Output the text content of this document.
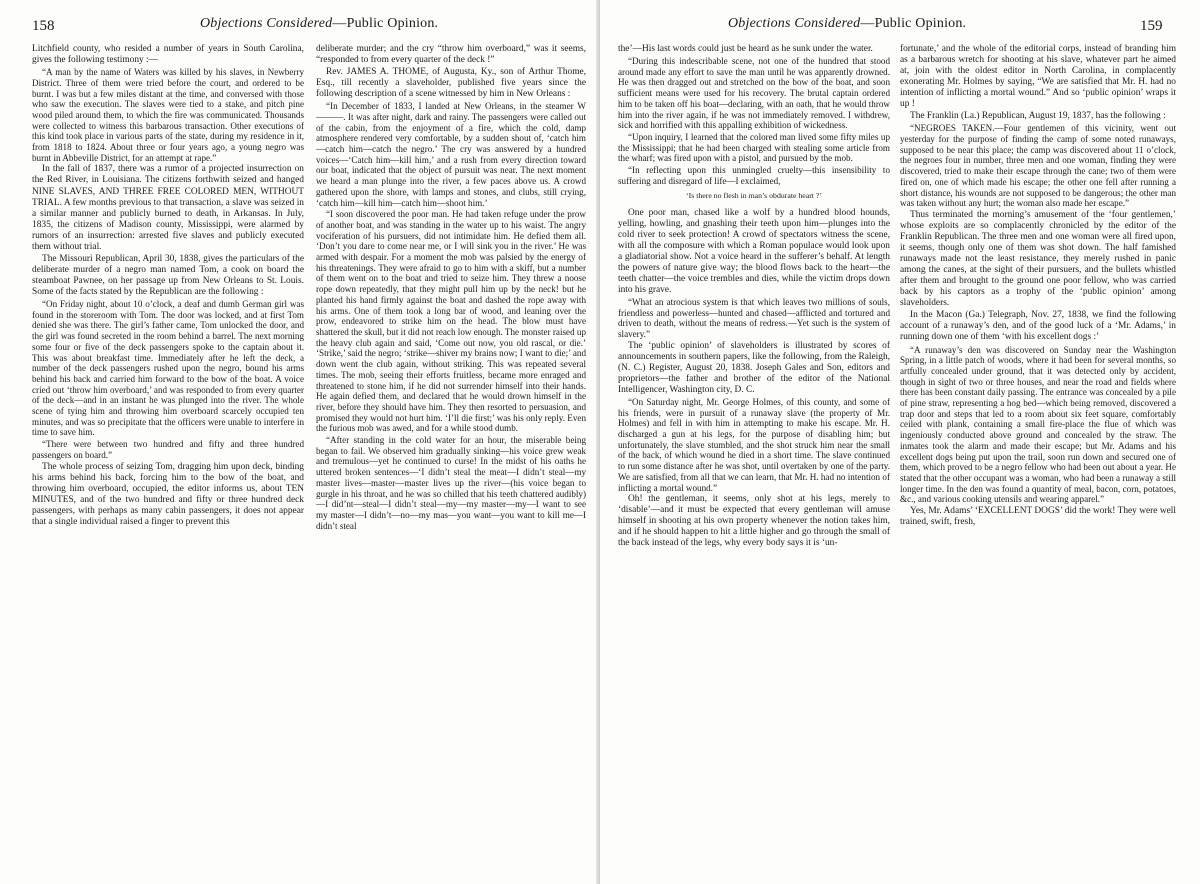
158	Objections Considered—Public Opinion.

Litchfield county, who resided a number of years in South Carolina, gives the following testimony :—

“A man by the name of Waters was killed by his slaves, in Newberry District. Three of them were tried before the court, and ordered to be burnt. I was but a few miles distant at the time, and conversed with those who saw the execution. The slaves were tied to a stake, and pitch pine wood piled around them, to which the fire was communicated. Thousands were collected to witness this barbarous transaction. Other executions of this kind took place in various parts of the state, during my residence in it, from 1818 to 1824. About three or four years ago, a young negro was burnt in Abbeville District, for an attempt at rape.”

In the fall of 1837, there was a rumor of a projected insurrection on the Red River, in Louisiana. The citizens forthwith seized and hanged NINE SLAVES, AND THREE FREE COLORED MEN, WITHOUT TRIAL. A few months previous to that transaction, a slave was seized in a similar manner and publicly burned to death, in Arkansas. In July, 1835, the citizens of Madison county, Mississippi, were alarmed by rumors of an insurrection: arrested five slaves and publicly executed them without trial.

The Missouri Republican, April 30, 1838, gives the particulars of the deliberate murder of a negro man named Tom, a cook on board the steamboat Pawnee, on her passage up from New Orleans to St. Louis. Some of the facts stated by the Republican are the following :

“On Friday night, about 10 o’clock, a deaf and dumb German girl was found in the storeroom with Tom. The door was locked, and at first Tom denied she was there. The girl’s father came, Tom unlocked the door, and the girl was found secreted in the room behind a barrel. The next morning some four or five of the deck passengers spoke to the captain about it. This was about breakfast time. Immediately after he left the deck, a number of the deck passengers rushed upon the negro, bound his arms behind his back and carried him forward to the bow of the boat. A voice cried out ‘throw him overboard,’ and was responded to from every quarter of the deck—and in an instant he was plunged into the river. The whole scene of tying him and throwing him overboard scarcely occupied ten minutes, and was so precipitate that the officers were unable to interfere in time to save him.

“There were between two hundred and fifty and three hundred passengers on board.”

The whole process of seizing Tom, dragging him upon deck, binding his arms behind his back, forcing him to the bow of the boat, and throwing him overboard, occupied, the editor informs us, about TEN MINUTES, and of the two hundred and fifty or three hundred deck passengers, with perhaps as many cabin passengers, it does not appear that a single individual raised a finger to prevent this

deliberate murder; and the cry “throw him overboard,” was it seems, “responded to from every quarter of the deck !”

Rev. JAMES A. THOME, of Augusta, Ky., son of Arthur Thome, Esq., till recently a slaveholder, published five years since the following description of a scene witnessed by him in New Orleans :

“In December of 1833, I landed at New Orleans, in the steamer W———. It was after night, dark and rainy. The passengers were called out of the cabin, from the enjoyment of a fire, which the cold, damp atmosphere rendered very comfortable, by a sudden shout of, ‘catch him—catch him—catch the negro.’ The cry was answered by a hundred voices—‘Catch him—kill him,’ and a rush from every direction toward our boat, indicated that the object of pursuit was near. The next moment we heard a man plunge into the river, a few paces above us. A crowd gathered upon the shore, with lamps and stones, and clubs, still crying, ‘catch him—kill him—catch him—shoot him.’

“I soon discovered the poor man. He had taken refuge under the prow of another boat, and was standing in the water up to his waist. The angry vociferation of his pursuers, did not intimidate him. He defied them all. ‘Don’t you dare to come near me, or I will sink you in the river.’ He was armed with despair. For a moment the mob was palsied by the energy of his threatenings. They were afraid to go to him with a skiff, but a number of them went on to the boat and tried to seize him. They threw a noose rope down repeatedly, that they might pull him up by the neck! but he planted his hand firmly against the boat and dashed the rope away with his arms. One of them took a long bar of wood, and leaning over the prow, endeavored to strike him on the head. The blow must have shattered the skull, but it did not reach low enough. The monster raised up the heavy club again and said, ‘Come out now, you old rascal, or die.’ ‘Strike,’ said the negro; ‘strike—shiver my brains now; I want to die;’ and down went the club again, without striking. This was repeated several times. The mob, seeing their efforts fruitless, became more enraged and threatened to stone him, if he did not surrender himself into their hands. He again defied them, and declared that he would drown himself in the river, before they should have him. They then resorted to persuasion, and promised they would not hurt him. ‘I’ll die first;’ was his only reply. Even the furious mob was awed, and for a while stood dumb.

“After standing in the cold water for an hour, the miserable being began to fail. We observed him gradually sinking—his voice grew weak and tremulous—yet he continued to curse! In the midst of his oaths he uttered broken sentences—‘I didn’t steal the meat—I didn’t steal—my master lives—master—master lives up the river—(his voice began to gurgle in his throat, and he was so chilled that his teeth chattered audibly)—I did’nt—steal—I didn’t steal—my—my master—my—I want to see my master—I didn’t—no—my mas—you want—you want to kill me—I didn’t steal

Objections Considered—Public Opinion.	159

the’—His last words could just be heard as he sunk under the water.

“During this indescribable scene, not one of the hundred that stood around made any effort to save the man until he was apparently drowned. He was then dragged out and stretched on the bow of the boat, and soon sufficient means were used for his recovery. The brutal captain ordered him to be taken off his boat—declaring, with an oath, that he would throw him into the river again, if he was not immediately removed. I withdrew, sick and horrified with this appalling exhibition of wickedness.

“Upon inquiry, I learned that the colored man lived some fifty miles up the Mississippi; that he had been charged with stealing some article from the wharf; was fired upon with a pistol, and pursued by the mob.

“In reflecting upon this unmingled cruelty—this insensibility to suffering and disregard of life—I exclaimed,

‘Is there no flesh in man’s obdurate heart ?’

One poor man, chased like a wolf by a hundred blood hounds, yelling, howling, and gnashing their teeth upon him—plunges into the cold river to seek protection! A crowd of spectators witness the scene, with all the composure with which a Roman populace would look upon a gladiatorial show. Not a voice heard in the sufferer’s behalf. At length the powers of nature give way; the blood flows back to the heart—the teeth chatter—the voice trembles and dies, while the victim drops down into his grave.

“What an atrocious system is that which leaves two millions of souls, friendless and powerless—hunted and chased—afflicted and tortured and driven to death, without the means of redress.—Yet such is the system of slavery.”

The ‘public opinion’ of slaveholders is illustrated by scores of announcements in southern papers, like the following, from the Raleigh, (N. C.) Register, August 20, 1838. Joseph Gales and Son, editors and proprietors—the father and brother of the editor of the National Intelligencer, Washington city, D. C.

“On Saturday night, Mr. George Holmes, of this county, and some of his friends, were in pursuit of a runaway slave (the property of Mr. Holmes) and fell in with him in attempting to make his escape. Mr. H. discharged a gun at his legs, for the purpose of disabling him; but unfortunately, the slave stumbled, and the shot struck him near the small of the back, of which wound he died in a short time. The slave continued to run some distance after he was shot, until overtaken by one of the party. We are satisfied, from all that we can learn, that Mr. H. had no intention of inflicting a mortal wound.”

Oh! the gentleman, it seems, only shot at his legs, merely to ‘disable’—and it must be expected that every gentleman will amuse himself in shooting at his own property whenever the notion takes him, and if he should happen to hit a little higher and go through the small of the back instead of the legs, why every body says it is ‘un-

fortunate,’ and the whole of the editorial corps, instead of branding him as a barbarous wretch for shooting at his slave, whatever part he aimed at, join with the oldest editor in North Carolina, in complacently exonerating Mr. Holmes by saying, “We are satisfied that Mr. H. had no intention of inflicting a mortal wound.” And so ‘public opinion’ wraps it up !

The Franklin (La.) Republican, August 19, 1837, has the following :

“NEGROES TAKEN.—Four gentlemen of this vicinity, went out yesterday for the purpose of finding the camp of some noted runaways, supposed to be near this place; the camp was discovered about 11 o’clock, the negroes four in number, three men and one woman, finding they were discovered, tried to make their escape through the cane; two of them were fired on, one of which made his escape; the other one fell after running a short distance, his wounds are not supposed to be dangerous; the other man was taken without any hurt; the woman also made her escape.”

Thus terminated the morning’s amusement of the ‘four gentlemen,’ whose exploits are so complacently chronicled by the editor of the Franklin Republican. The three men and one woman were all fired upon, it seems, though only one of them was shot down. The half famished runaways made not the least resistance, they merely rushed in panic among the canes, at the sight of their pursuers, and the bullets whistled after them and brought to the ground one poor fellow, who was carried back by his captors as a trophy of the ‘public opinion’ among slaveholders.

In the Macon (Ga.) Telegraph, Nov. 27, 1838, we find the following account of a runaway’s den, and of the good luck of a ‘Mr. Adams,’ in running down one of them ‘with his excellent dogs :’

“A runaway’s den was discovered on Sunday near the Washington Spring, in a little patch of woods, where it had been for several months, so artfully concealed under ground, that it was detected only by accident, though in sight of two or three houses, and near the road and fields where there has been constant daily passing. The entrance was concealed by a pile of pine straw, representing a hog bed—which being removed, discovered a trap door and steps that led to a room about six feet square, comfortably ceiled with plank, containing a small fire-place the flue of which was ingeniously conducted above ground and concealed by the straw. The inmates took the alarm and made their escape; but Mr. Adams and his excellent dogs being put upon the trail, soon run down and secured one of them, which proved to be a negro fellow who had been out about a year. He stated that the other occupant was a woman, who had been a runaway a still longer time. In the den was found a quantity of meal, bacon, corn, potatoes, &c., and various cooking utensils and wearing apparel.”

Yes, Mr. Adams’ ‘EXCELLENT DOGS’ did the work! They were well trained, swift, fresh,
